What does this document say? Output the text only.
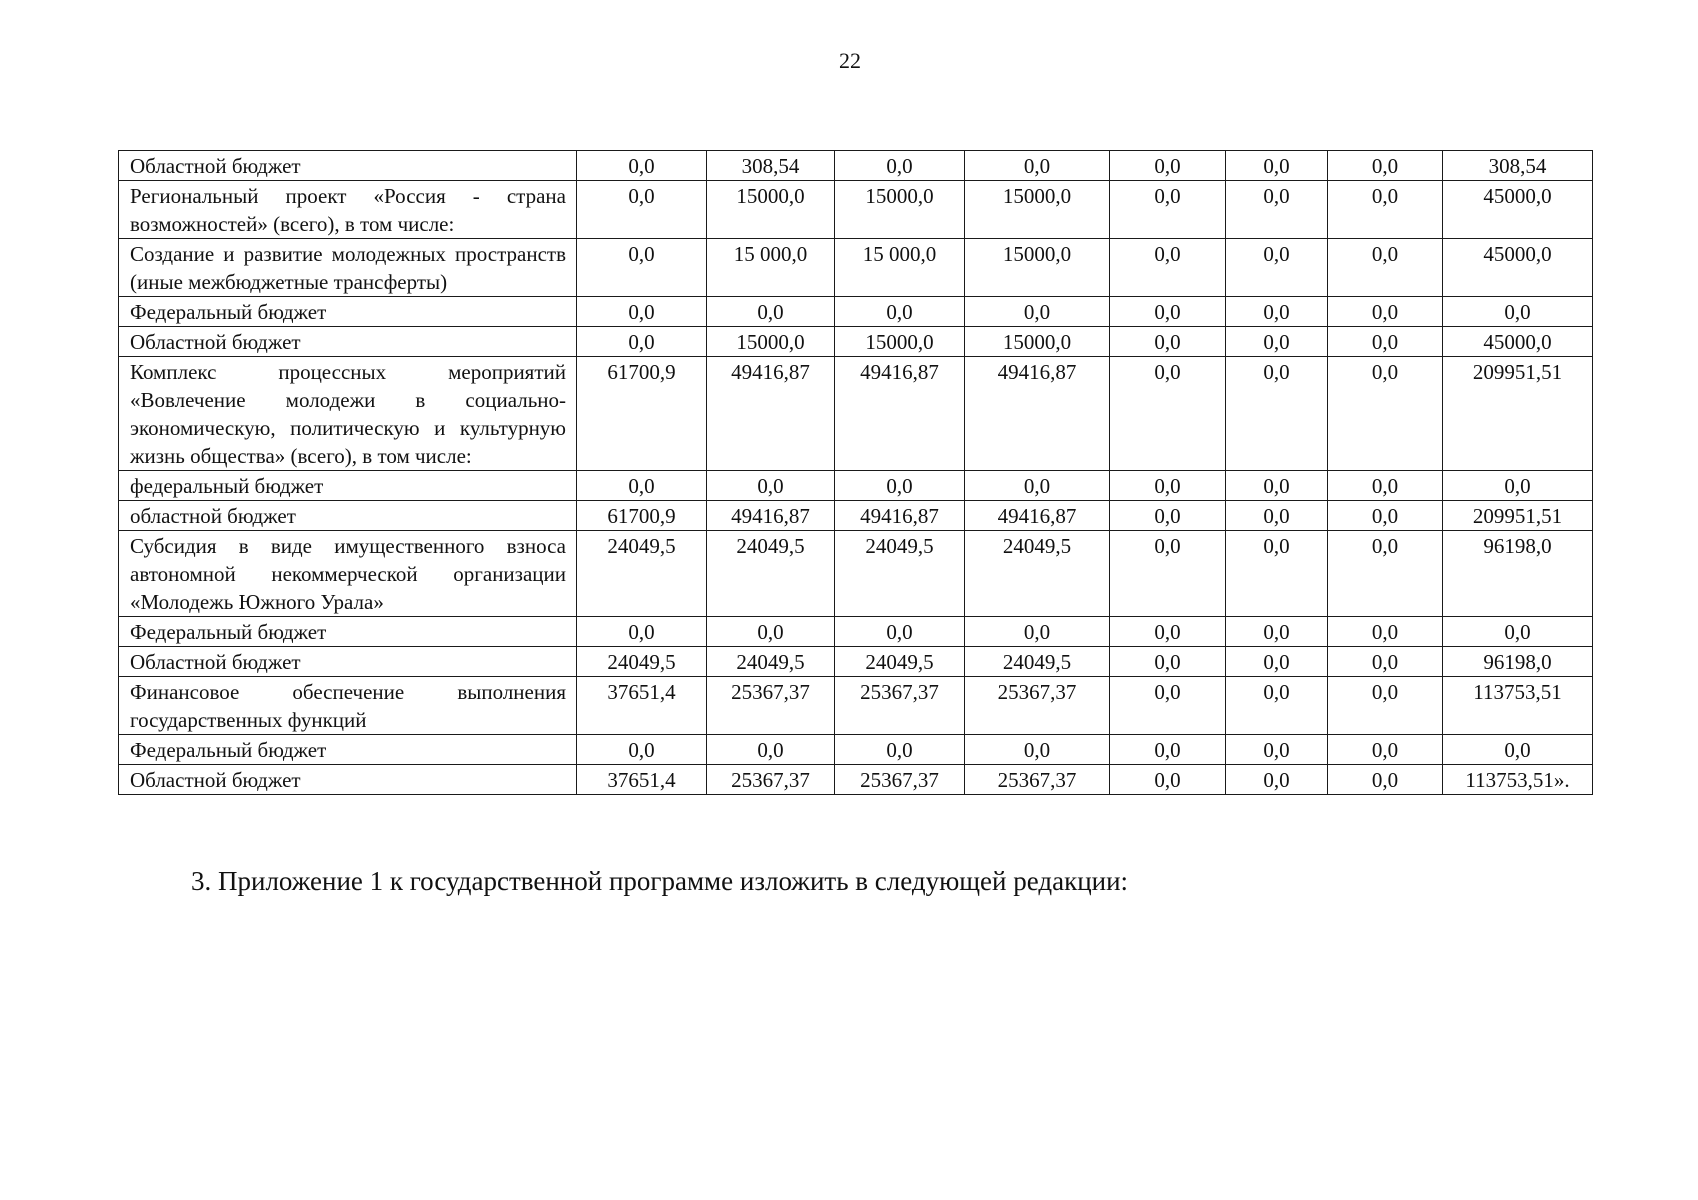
22
Областной бюджет	0,0	308,54	0,0	0,0	0,0	0,0	0,0	308,54
Региональный проект «Россия - страна возможностей» (всего), в том числе:	0,0	15000,0	15000,0	15000,0	0,0	0,0	0,0	45000,0
Создание и развитие молодежных пространств (иные межбюджетные трансферты)	0,0	15 000,0	15 000,0	15000,0	0,0	0,0	0,0	45000,0
Федеральный бюджет	0,0	0,0	0,0	0,0	0,0	0,0	0,0	0,0
Областной бюджет	0,0	15000,0	15000,0	15000,0	0,0	0,0	0,0	45000,0
Комплекс процессных мероприятий «Вовлечение молодежи в социально-экономическую, политическую и культурную жизнь общества» (всего), в том числе:	61700,9	49416,87	49416,87	49416,87	0,0	0,0	0,0	209951,51
федеральный бюджет	0,0	0,0	0,0	0,0	0,0	0,0	0,0	0,0
областной бюджет	61700,9	49416,87	49416,87	49416,87	0,0	0,0	0,0	209951,51
Субсидия в виде имущественного взноса автономной некоммерческой организации «Молодежь Южного Урала»	24049,5	24049,5	24049,5	24049,5	0,0	0,0	0,0	96198,0
Федеральный бюджет	0,0	0,0	0,0	0,0	0,0	0,0	0,0	0,0
Областной бюджет	24049,5	24049,5	24049,5	24049,5	0,0	0,0	0,0	96198,0
Финансовое обеспечение выполнения государственных функций	37651,4	25367,37	25367,37	25367,37	0,0	0,0	0,0	113753,51
Федеральный бюджет	0,0	0,0	0,0	0,0	0,0	0,0	0,0	0,0
Областной бюджет	37651,4	25367,37	25367,37	25367,37	0,0	0,0	0,0	113753,51».
3. Приложение 1 к государственной программе изложить в следующей редакции:
